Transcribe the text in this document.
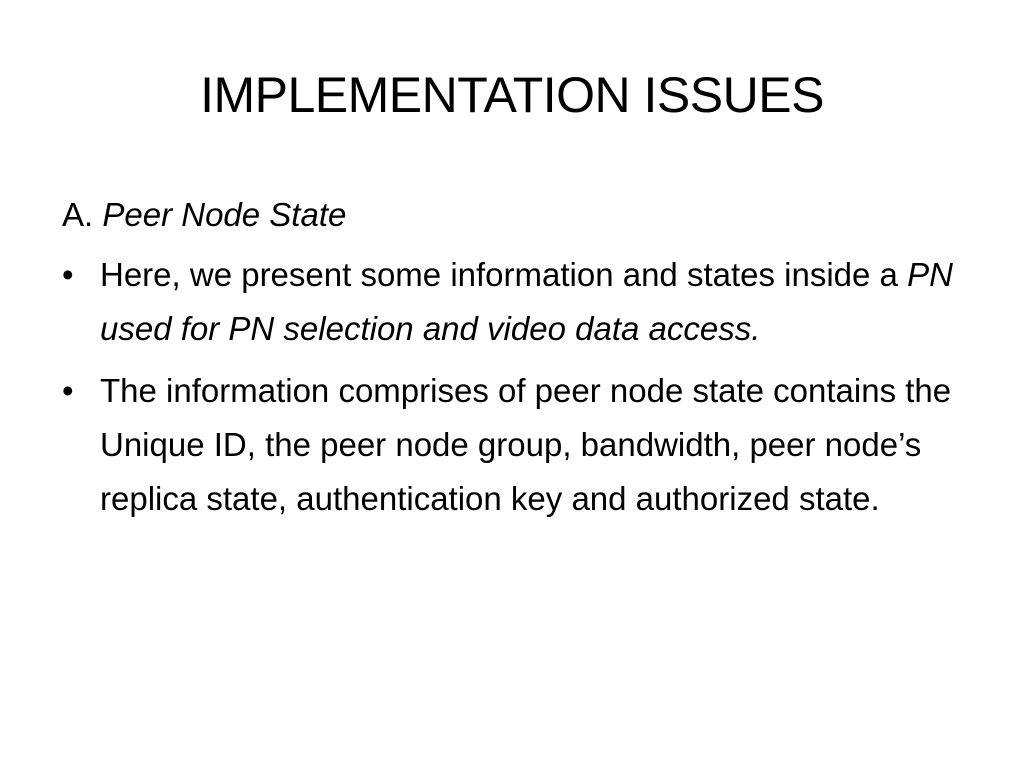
IMPLEMENTATION ISSUES
A. Peer Node State
• Here, we present some information and states inside a PN used for PN selection and video data access.
• The information comprises of peer node state contains the Unique ID, the peer node group, bandwidth, peer node’s replica state, authentication key and authorized state.
